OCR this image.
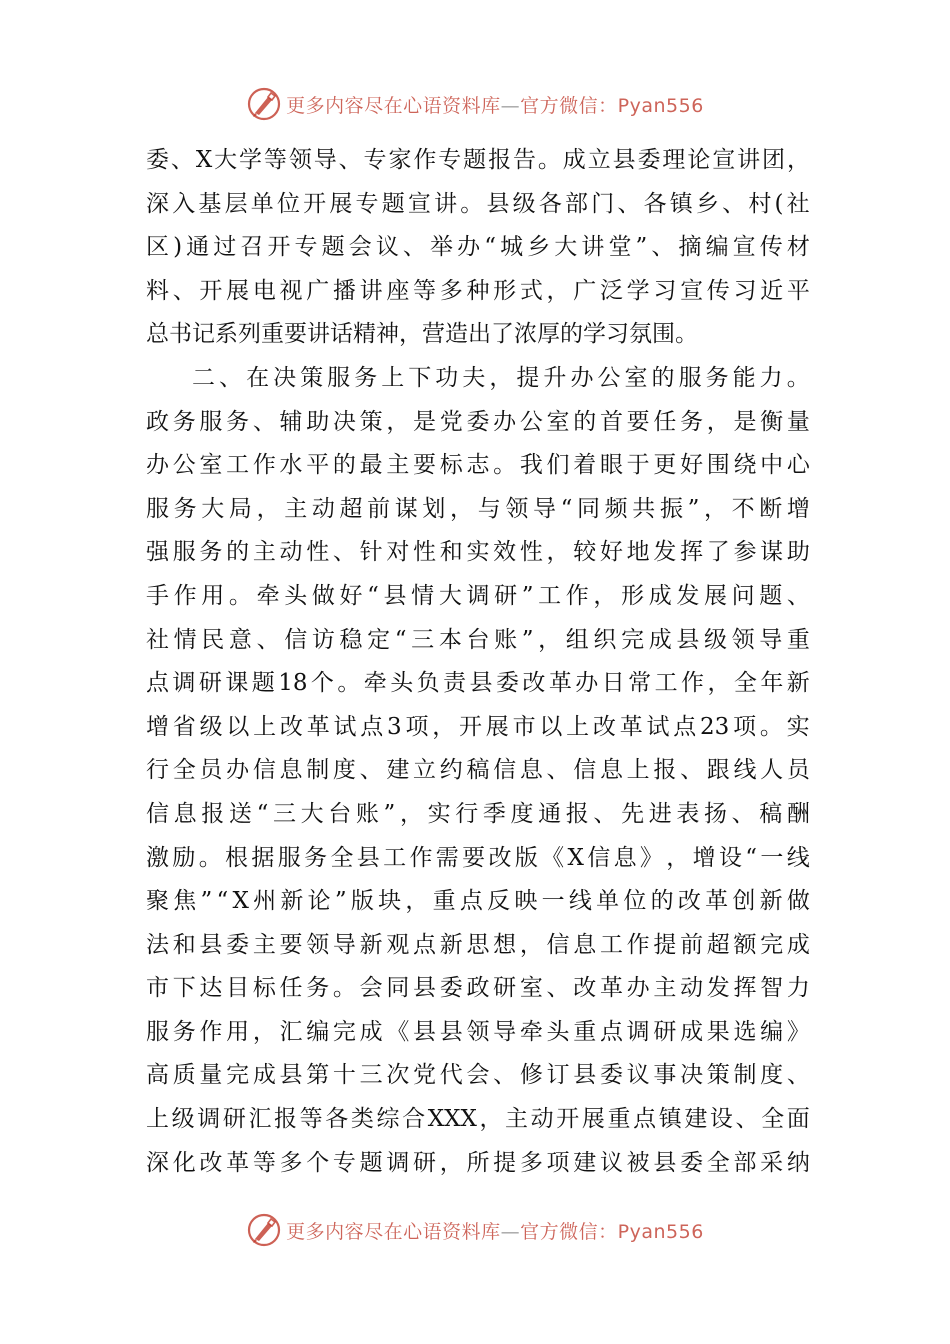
更多内容尽在心语资料库—官方微信：Pyan556
委 、 X 大 学 等 领 导 、 专 家 作 专 题 报 告 。 成 立 县 委 理 论 宣 讲 团 ，
深 入 基 层 单 位 开 展 专 题 宣 讲 。 县 级 各 部 门 、 各 镇 乡 、 村 ( 社
区 ) 通 过 召 开 专 题 会 议 、 举 办 “ 城 乡 大 讲 堂 ” 、 摘 编 宣 传 材
料 、 开 展 电 视 广 播 讲 座 等 多 种 形 式 ， 广 泛 学 习 宣 传 习 近 平
总书记系列重要讲话精神，营造出了浓厚的学习氛围。
二 、 在 决 策 服 务 上 下 功 夫 ， 提 升 办 公 室 的 服 务 能 力 。
政 务 服 务 、 辅 助 决 策 ， 是 党 委 办 公 室 的 首 要 任 务 ， 是 衡 量
办 公 室 工 作 水 平 的 最 主 要 标 志 。 我 们 着 眼 于 更 好 围 绕 中 心
服 务 大 局 ， 主 动 超 前 谋 划 ， 与 领 导 “ 同 频 共 振 ” ， 不 断 增
强 服 务 的 主 动 性 、 针 对 性 和 实 效 性 ， 较 好 地 发 挥 了 参 谋 助
手 作 用 。 牵 头 做 好 “ 县 情 大 调 研 ” 工 作 ， 形 成 发 展 问 题 、
社 情 民 意 、 信 访 稳 定 “ 三 本 台 账 ” ， 组 织 完 成 县 级 领 导 重
点 调 研 课 题 18 个 。 牵 头 负 责 县 委 改 革 办 日 常 工 作 ， 全 年 新
增 省 级 以 上 改 革 试 点 3 项 ， 开 展 市 以 上 改 革 试 点 23 项 。 实
行 全 员 办 信 息 制 度 、 建 立 约 稿 信 息 、 信 息 上 报 、 跟 线 人 员
信 息 报 送 “ 三 大 台 账 ” ， 实 行 季 度 通 报 、 先 进 表 扬 、 稿 酬
激 励 。 根 据 服 务 全 县 工 作 需 要 改 版 《 X 信 息 》 ， 增 设 “ 一 线
聚 焦 ” “ X 州 新 论 ” 版 块 ， 重 点 反 映 一 线 单 位 的 改 革 创 新 做
法 和 县 委 主 要 领 导 新 观 点 新 思 想 ， 信 息 工 作 提 前 超 额 完 成
市 下 达 目 标 任 务 。 会 同 县 委 政 研 室 、 改 革 办 主 动 发 挥 智 力
服 务 作 用 ， 汇 编 完 成 《 县 县 领 导 牵 头 重 点 调 研 成 果 选 编 》
高 质 量 完 成 县 第 十 三 次 党 代 会 、 修 订 县 委 议 事 决 策 制 度 、
上 级 调 研 汇 报 等 各 类 综 合 XXX ， 主 动 开 展 重 点 镇 建 设 、 全 面
深 化 改 革 等 多 个 专 题 调 研 ， 所 提 多 项 建 议 被 县 委 全 部 采 纳
更多内容尽在心语资料库—官方微信：Pyan556
